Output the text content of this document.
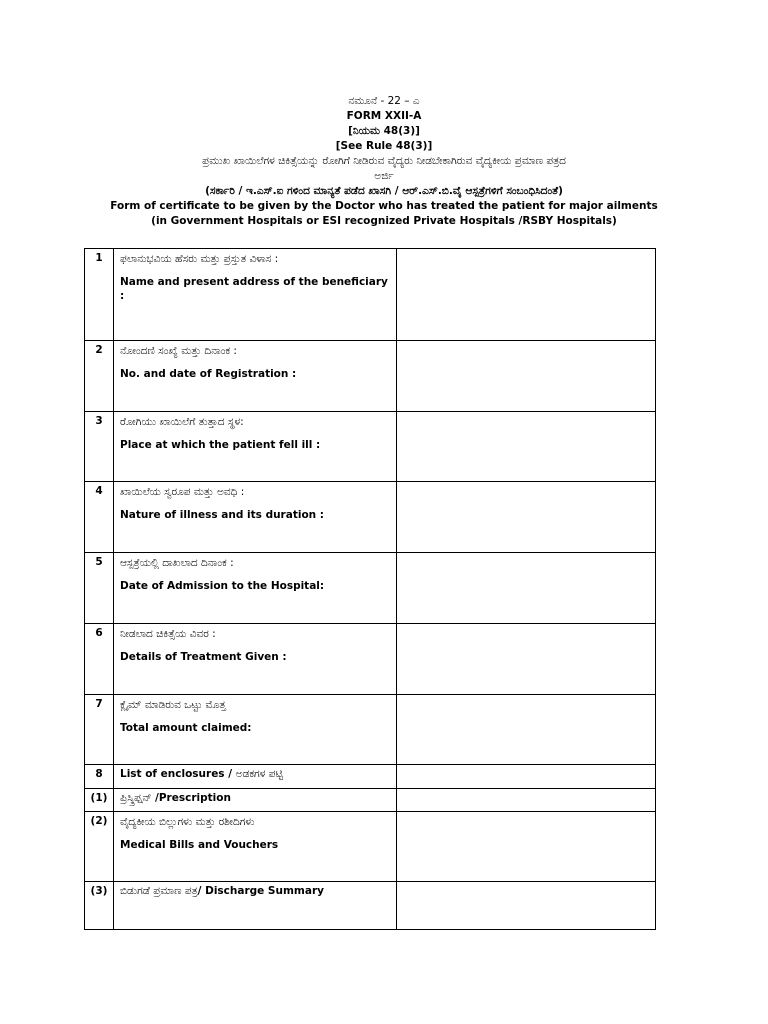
ನಮೂನೆ - 22 – ಎ
FORM XXII-A
[ನಿಯಮ 48(3)]
[See Rule 48(3)]
ಪ್ರಮುಖ ಖಾಯಿಲೆಗಳ ಚಿಕಿತ್ಸೆಯನ್ನು ರೋಗಿಗೆ ನೀಡಿರುವ ವೈದ್ಯರು ನೀಡಬೇಕಾಗಿರುವ ವೈದ್ಯಕೀಯ ಪ್ರಮಾಣ ಪತ್ರದ
ಅರ್ಜಿ
(ಸರ್ಕಾರಿ / ಇ.ಎಸ್.ಐ ಗಳಿಂದ ಮಾನ್ಯತೆ ಪಡೆದ ಖಾಸಗಿ / ಆರ್.ಎಸ್.ಬಿ.ವೈ ಆಸ್ಪತ್ರೆಗಳಿಗೆ ಸಂಬಂಧಿಸಿದಂತೆ)
Form of certificate to be given by the Doctor who has treated the patient for major ailments
(in Government Hospitals or ESI recognized Private Hospitals /RSBY Hospitals)
1	ಫಲಾನುಭವಿಯ ಹೆಸರು ಮತ್ತು ಪ್ರಸ್ತುತ ವಿಳಾಸ :
Name and present address of the beneficiary :	

2	ನೋಂದಣಿ ಸಂಖ್ಯೆ ಮತ್ತು ದಿನಾಂಕ :
No. and date of Registration :	

3	ರೋಗಿಯು ಖಾಯಿಲೆಗೆ ತುತ್ತಾದ ಸ್ಥಳ:
Place at which the patient fell ill :	

4	ಖಾಯಿಲೆಯ ಸ್ವರೂಪ ಮತ್ತು ಅವಧಿ :
Nature of illness and its duration :	

5	ಆಸ್ಪತ್ರೆಯಲ್ಲಿ ದಾಖಲಾದ ದಿನಾಂಕ :
Date of Admission to the Hospital:	

6	ನೀಡಲಾದ ಚಿಕಿತ್ಸೆಯ ವಿವರ :
Details of Treatment Given :	

7	ಕ್ಲೈಮ್ ಮಾಡಿರುವ ಒಟ್ಟು ಮೊತ್ತ
Total amount claimed:	

8	List of enclosures / ಅಡಕಗಳ ಪಟ್ಟಿ	
(1)	ಪ್ರಿಸ್ಕ್ರಿಪ್ಷನ್ /Prescription	
(2)	ವೈದ್ಯಕೀಯ ಬಿಲ್ಲುಗಳು ಮತ್ತು ರಶೀದಿಗಳು
Medical Bills and Vouchers	

(3)	ಬಿಡುಗಡೆ ಪ್ರಮಾಣ ಪತ್ರ/ Discharge Summary	
